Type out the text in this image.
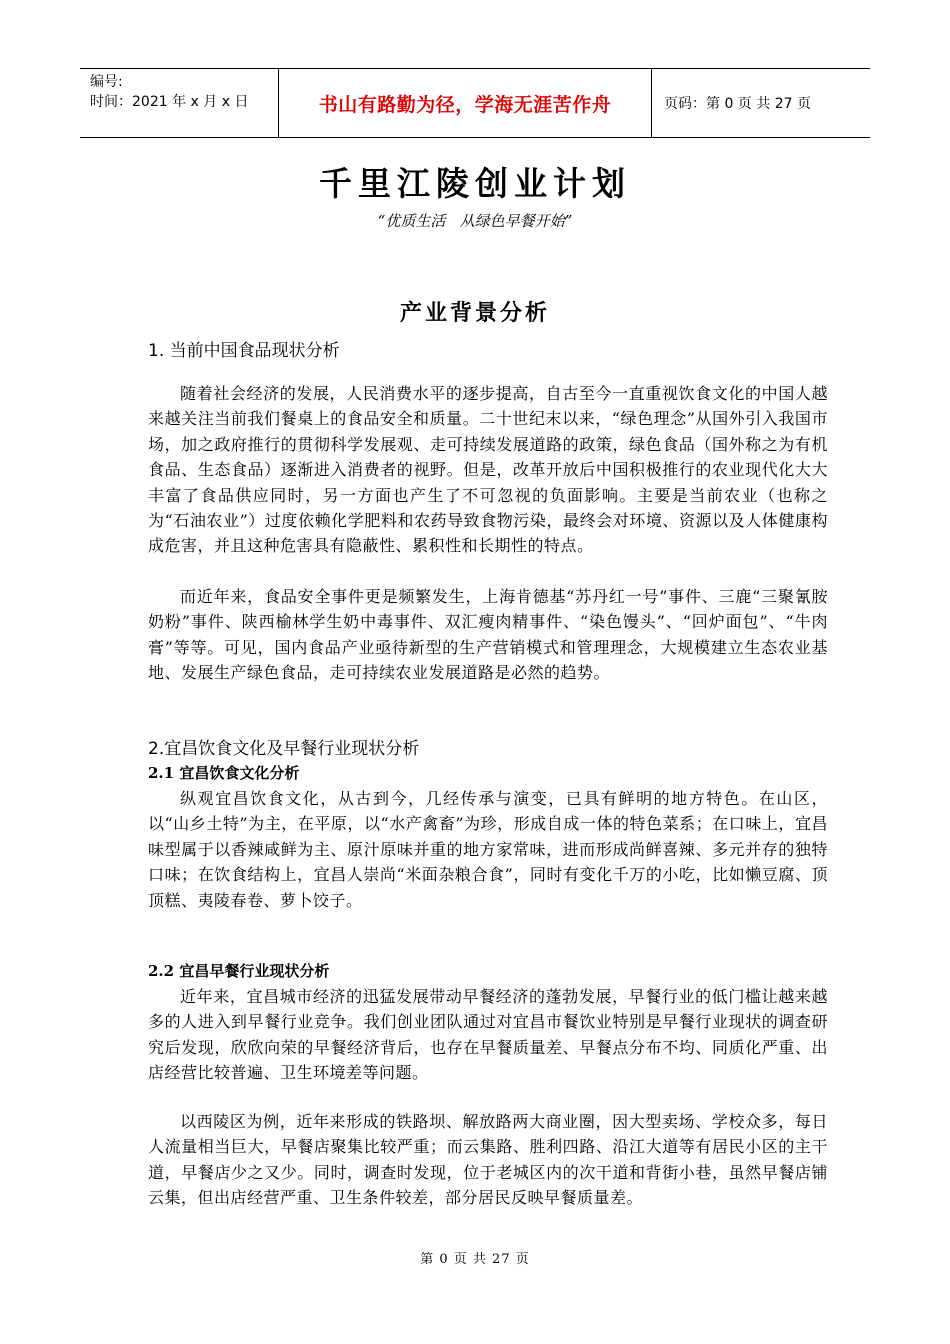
编号:
时间：2021 年 x 月 x 日	书山有路勤为径，学海无涯苦作舟	页码：第 0 页 共 27 页
千里江陵创业计划
“优质生活   从绿色早餐开始”
产业背景分析
1. 当前中国食品现状分析

随着社会经济的发展，人民消费水平的逐步提高，自古至今一直重视饮食文化的中国人越来越关注当前我们餐桌上的食品安全和质量。二十世纪末以来，“绿色理念”从国外引入我国市场，加之政府推行的贯彻科学发展观、走可持续发展道路的政策，绿色食品（国外称之为有机食品、生态食品）逐渐进入消费者的视野。但是，改革开放后中国积极推行的农业现代化大大丰富了食品供应同时，另一方面也产生了不可忽视的负面影响。主要是当前农业（也称之为“石油农业”）过度依赖化学肥料和农药导致食物污染，最终会对环境、资源以及人体健康构成危害，并且这种危害具有隐蔽性、累积性和长期性的特点。

而近年来，食品安全事件更是频繁发生，上海肯德基“苏丹红一号”事件、三鹿“三聚氰胺奶粉”事件、陕西榆林学生奶中毒事件、双汇瘦肉精事件、“染色馒头”、“回炉面包”、“牛肉膏”等等。可见，国内食品产业亟待新型的生产营销模式和管理理念，大规模建立生态农业基地、发展生产绿色食品，走可持续农业发展道路是必然的趋势。

2.宜昌饮食文化及早餐行业现状分析
2.1 宜昌饮食文化分析

纵观宜昌饮食文化，从古到今，几经传承与演变，已具有鲜明的地方特色。在山区，以“山乡土特”为主，在平原，以“水产禽畜”为珍，形成自成一体的特色菜系；在口味上，宜昌味型属于以香辣咸鲜为主、原汁原味并重的地方家常味，进而形成尚鲜喜辣、多元并存的独特口味；在饮食结构上，宜昌人崇尚“米面杂粮合食”，同时有变化千万的小吃，比如懒豆腐、顶顶糕、夷陵春卷、萝卜饺子。

2.2 宜昌早餐行业现状分析

近年来，宜昌城市经济的迅猛发展带动早餐经济的蓬勃发展，早餐行业的低门槛让越来越多的人进入到早餐行业竞争。我们创业团队通过对宜昌市餐饮业特别是早餐行业现状的调查研究后发现，欣欣向荣的早餐经济背后，也存在早餐质量差、早餐点分布不均、同质化严重、出店经营比较普遍、卫生环境差等问题。

以西陵区为例，近年来形成的铁路坝、解放路两大商业圈，因大型卖场、学校众多，每日人流量相当巨大，早餐店聚集比较严重；而云集路、胜利四路、沿江大道等有居民小区的主干道，早餐店少之又少。同时，调查时发现，位于老城区内的次干道和背街小巷，虽然早餐店铺云集，但出店经营严重、卫生条件较差，部分居民反映早餐质量差。

第 0 页 共 27 页
